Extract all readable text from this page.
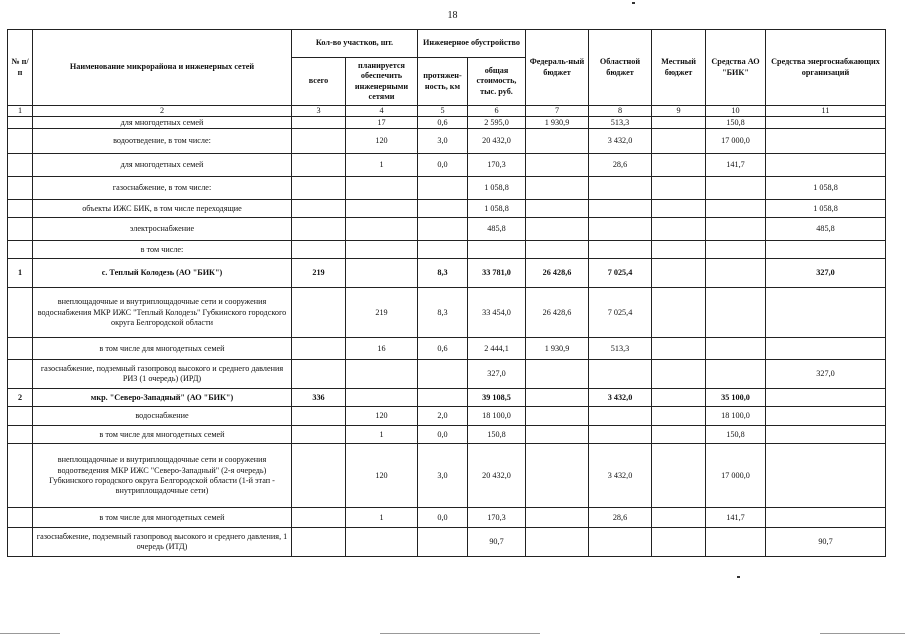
18
№ п/п	Наименование микрорайона и инженерных сетей	Кол-во участков, шт.		Инженерное обустройство		Федераль-ный бюджет	Областной бюджет	Местный бюджет	Средства АО "БИК"	Средства энергоснабжающих организаций
		всего	планируется обеспечить инженерными сетями	протяжен-ность, км	общая стоимость, тыс. руб.					
1	2	3	4	5	6	7	8	9	10	11
	для многодетных семей		17	0,6	2 595,0	1 930,9	513,3		150,8	
	водоотведение, в том числе:		120	3,0	20 432,0		3 432,0		17 000,0	
	для многодетных семей		1	0,0	170,3		28,6		141,7	
	газоснабжение, в том числе:				1 058,8					1 058,8
	объекты ИЖС БИК, в том числе переходящие				1 058,8					1 058,8
	электроснабжение				485,8					485,8
	в том числе:									
1	с. Теплый Колодезь (АО "БИК")	219		8,3	33 781,0	26 428,6	7 025,4			327,0
	внеплощадочные и внутриплощадочные сети и сооружения водоснабжения МКР ИЖС "Теплый Колодезь" Губкинского городского округа Белгородской области		219	8,3	33 454,0	26 428,6	7 025,4			
	в том числе для многодетных семей		16	0,6	2 444,1	1 930,9	513,3			
	газоснабжение, подземный газопровод высокого и среднего давления РИЗ (1 очередь) (ИРД)				327,0					327,0
2	мкр. "Северо-Западный" (АО "БИК")	336			39 108,5		3 432,0		35 100,0	
	водоснабжение		120	2,0	18 100,0				18 100,0	
	в том числе для многодетных семей		1	0,0	150,8				150,8	
	внеплощадочные и внутриплощадочные сети и сооружения водоотведения МКР ИЖС "Северо-Западный" (2-я очередь) Губкинского городского округа Белгородской области (1-й этап - внутриплощадочные сети)		120	3,0	20 432,0		3 432,0		17 000,0	
	в том числе для многодетных семей		1	0,0	170,3		28,6		141,7	
	газоснабжение, подземный газопровод высокого и среднего давления, 1 очередь (ИТД)				90,7					90,7
